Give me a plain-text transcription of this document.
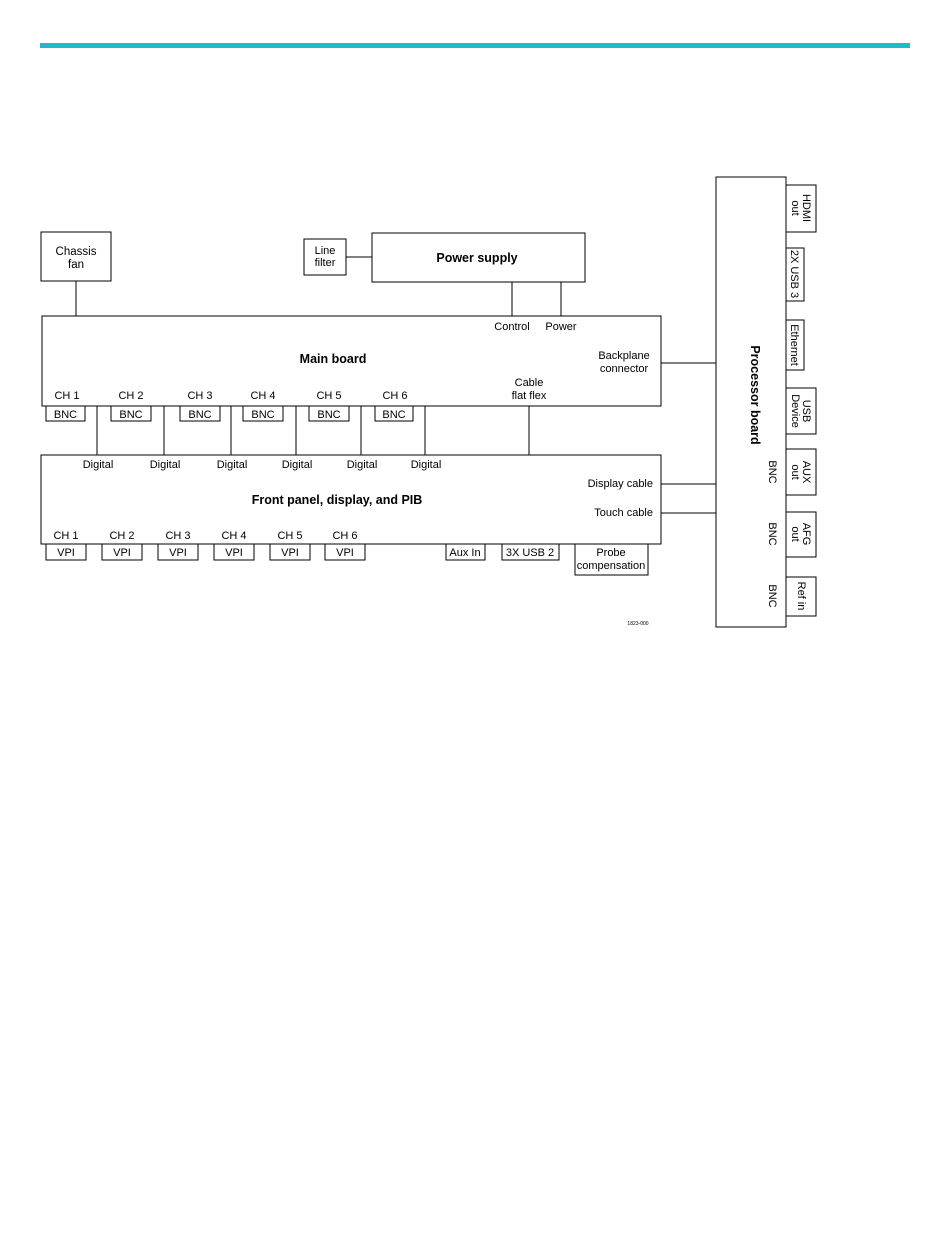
Chassis
fan
Line
filter	Power supply
Main board
Control Power
Backplane
connector
Cable
flat flex
CH 1	CH 2	CH 3	CH 4	CH 5	CH 6
BNC	BNC	BNC	BNC	BNC	BNC
Front panel, display, and PIB
Display cable
Touch cable
Digital	Digital	Digital	Digital	Digital	Digital
CH 1	CH 2	CH 3	CH 4	CH 5	CH 6
VPI	VPI	VPI	VPI	VPI	VPI	Aux In 3X USB 2	Probe
compensation
1823-000
Processor board
BNC
BNC
BNC
HDMI
out
2X USB 3
Ethernet
USB
Device
AUX
out
AFG
out
Ref in
